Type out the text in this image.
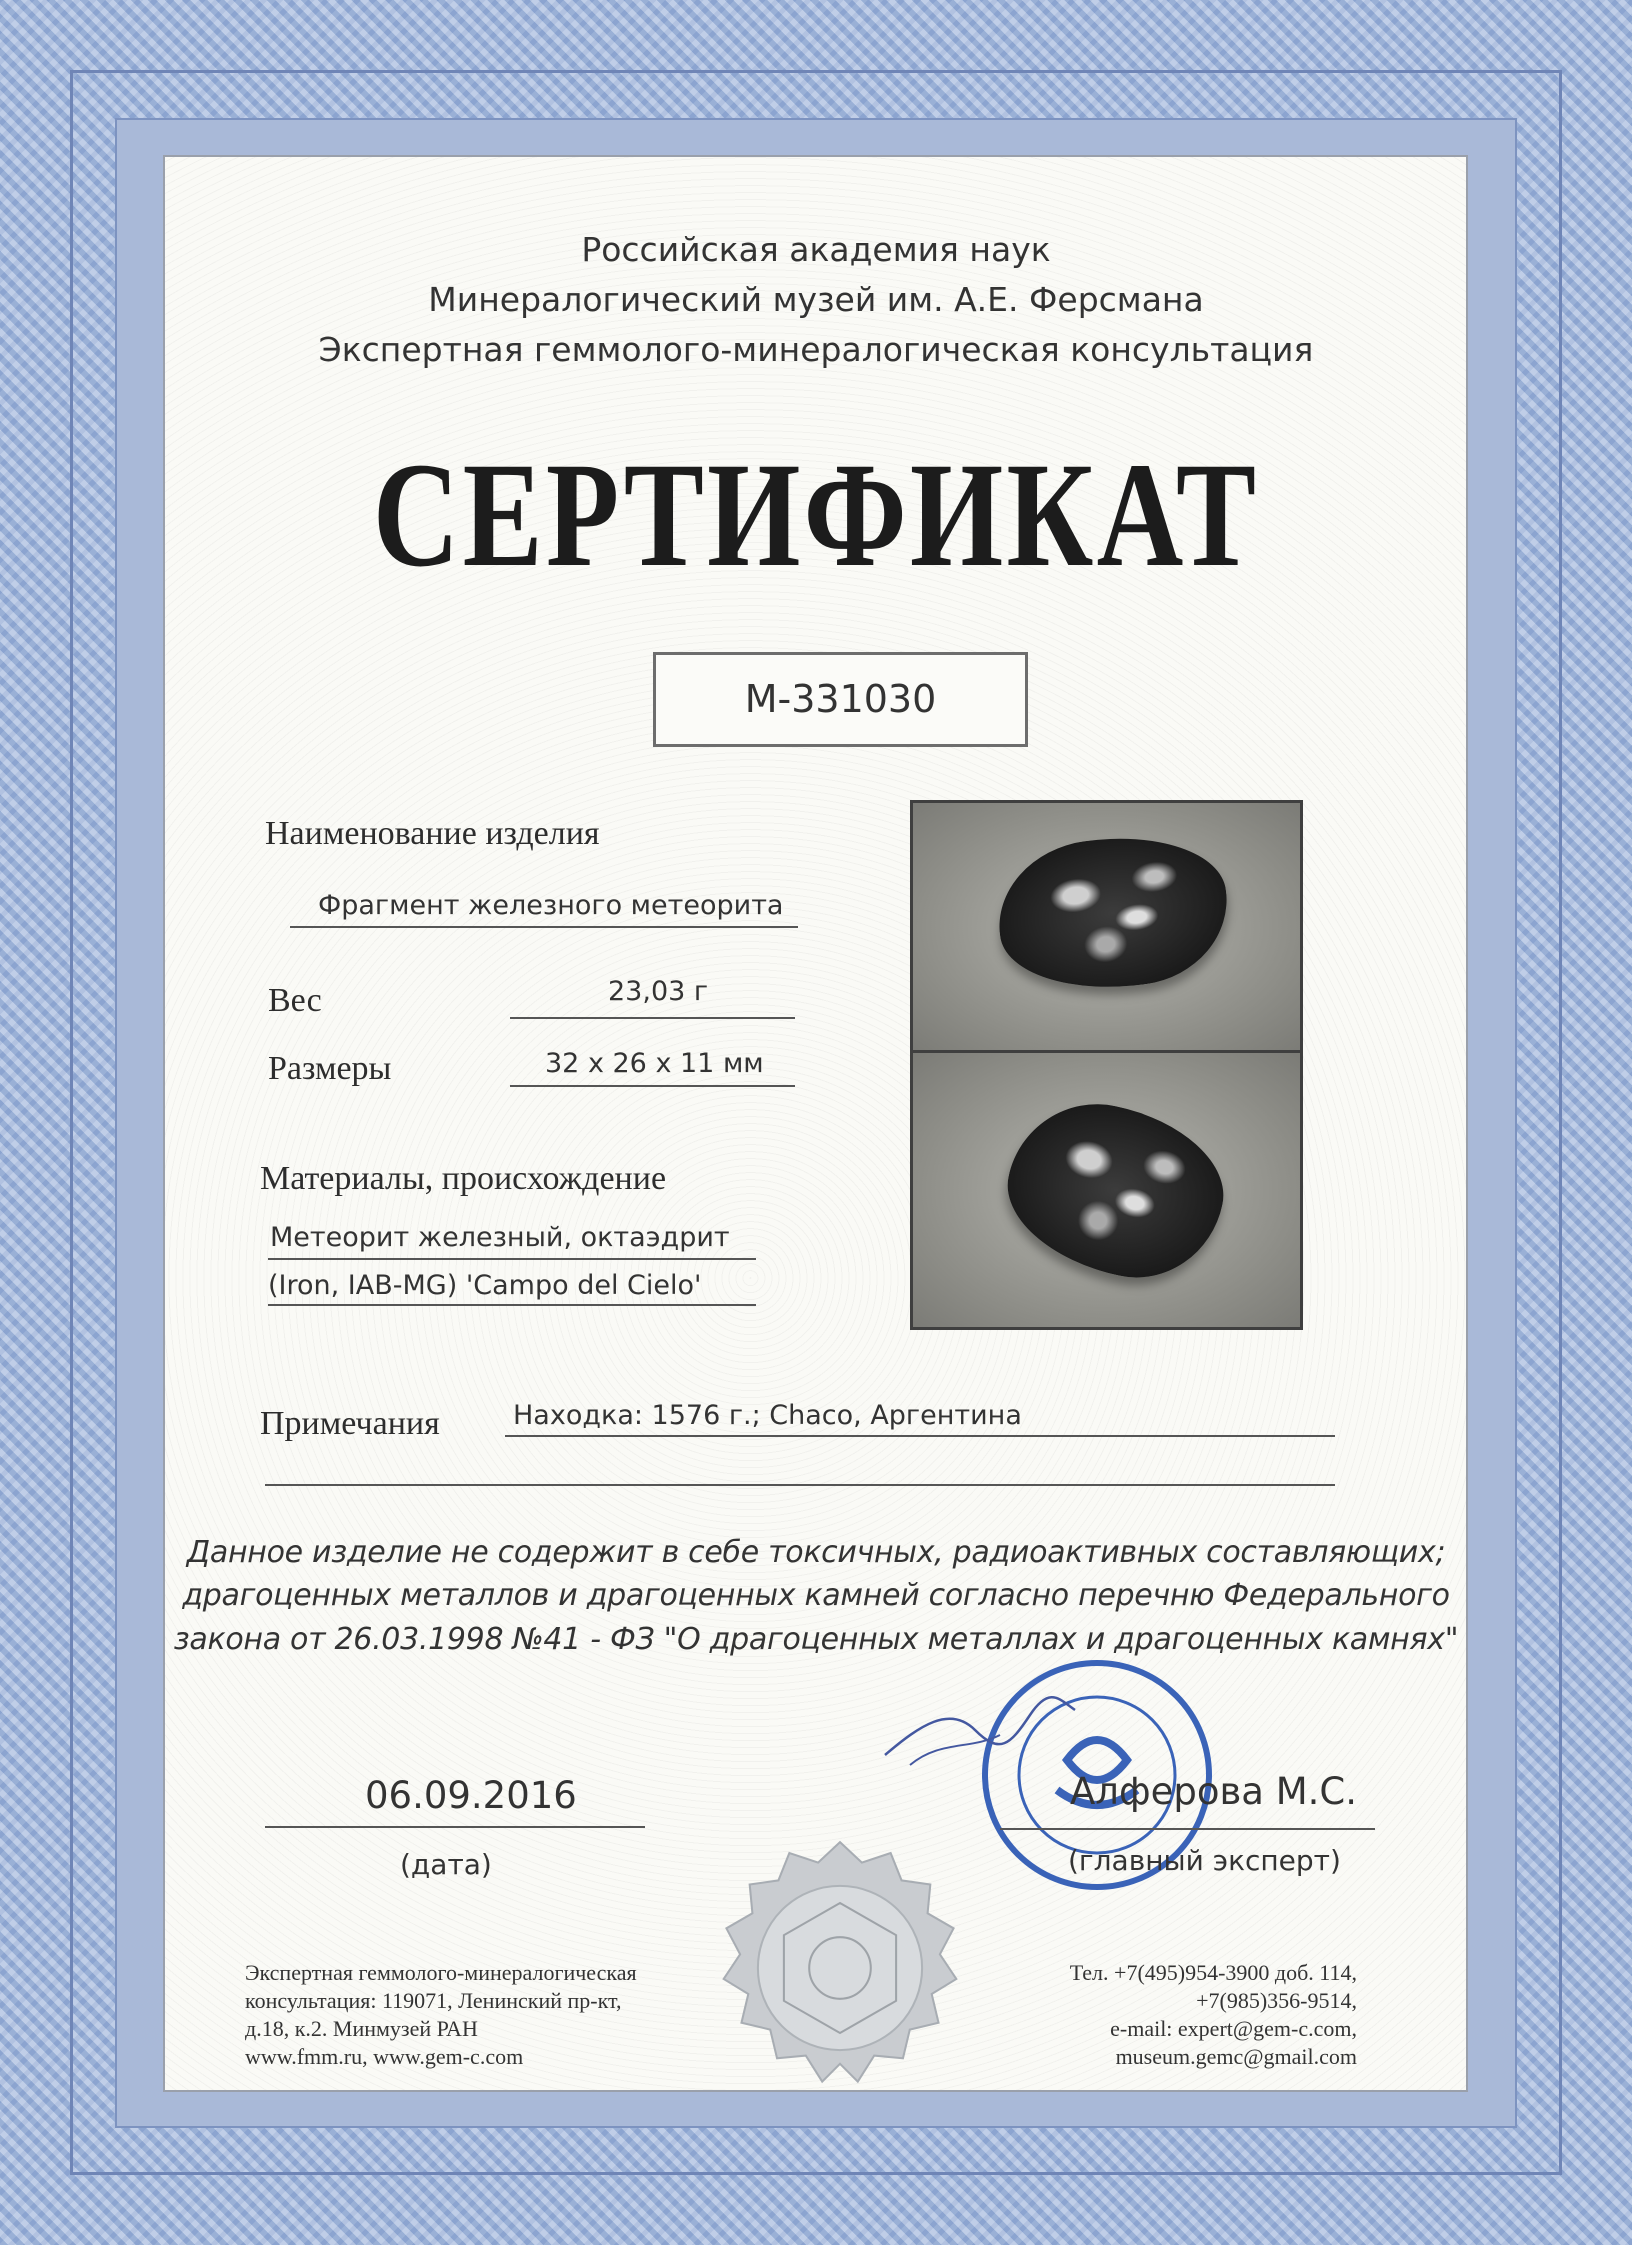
Российская академия наук
Минералогический музей им. А.Е. Ферсмана
Экспертная геммолого-минералогическая консультация
СЕРТИФИКАТ
M-331030
Наименование изделия
Фрагмент железного метеорита
Вес	23,03 г
Размеры	32 х 26 х 11 мм
Материалы, происхождение
Метеорит железный, октаэдрит
(Iron, IAB-MG) 'Campo del Cielo'
Примечания	Находка: 1576 г.; Chaco, Аргентина
Данное изделие не содержит в себе токсичных, радиоактивных составляющих;
драгоценных металлов и драгоценных камней согласно перечню Федерального
закона от 26.03.1998 №41 - ФЗ "О драгоценных металлах и драгоценных камнях"
06.09.2016
(дата)
Алферова М.С.
(главный эксперт)
Экспертная геммолого-минералогическая
консультация: 119071, Ленинский пр-кт,
д.18, к.2. Минмузей РАН
www.fmm.ru, www.gem-c.com
Тел. +7(495)954-3900 доб. 114,
+7(985)356-9514,
e-mail: expert@gem-c.com,
museum.gemc@gmail.com
